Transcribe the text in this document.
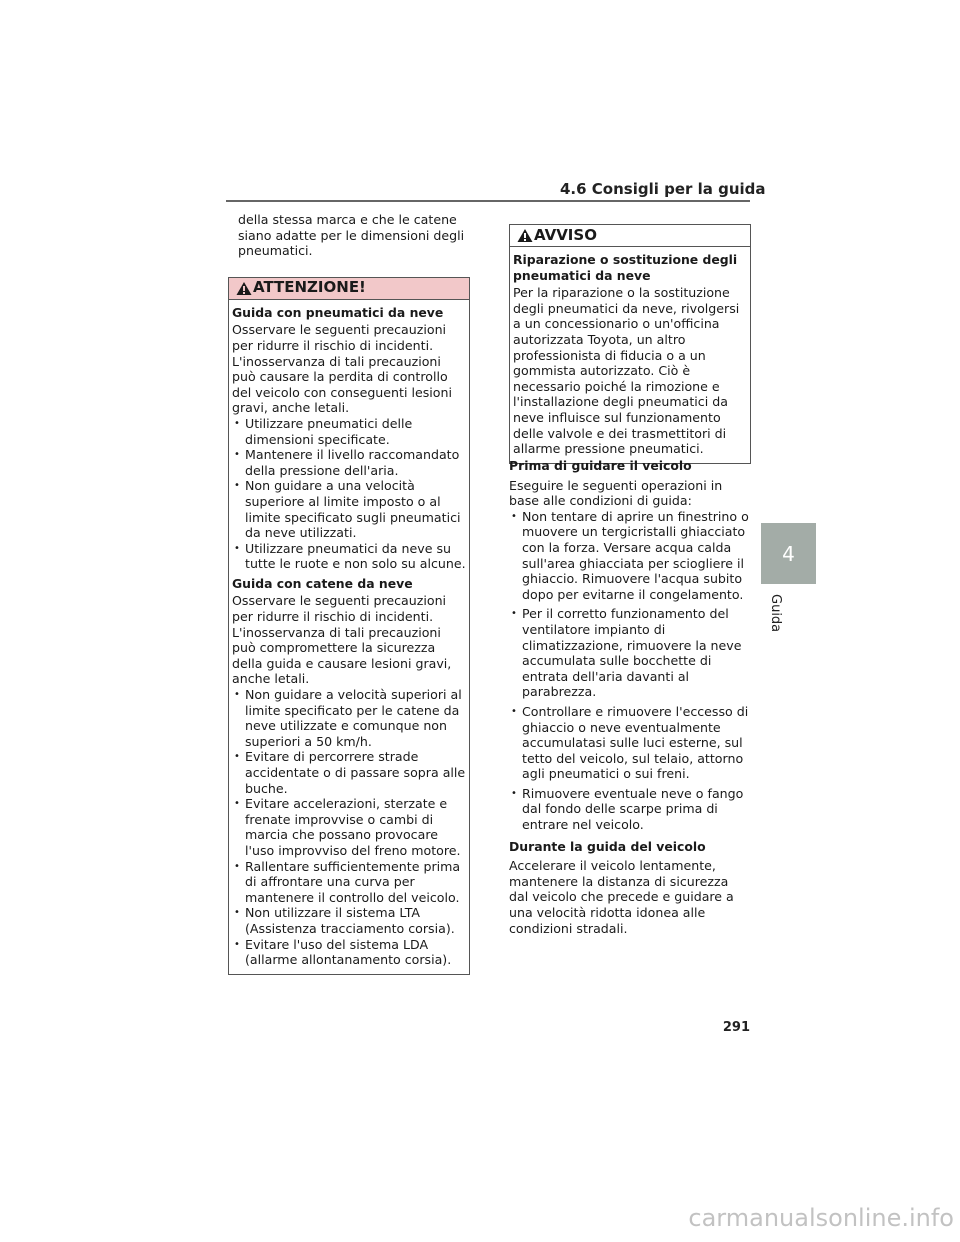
4.6 Consigli per la guida

della stessa marca e che le catene siano adatte per le dimensioni degli pneumatici.

ATTENZIONE!

Guida con pneumatici da neve

Osservare le seguenti precauzioni per ridurre il rischio di incidenti. L'inosservanza di tali precauzioni può causare la perdita di controllo del veicolo con conseguenti lesioni gravi, anche letali.

• Utilizzare pneumatici delle dimensioni specificate.
• Mantenere il livello raccomandato della pressione dell'aria.
• Non guidare a una velocità superiore al limite imposto o al limite specificato sugli pneumatici da neve utilizzati.
• Utilizzare pneumatici da neve su tutte le ruote e non solo su alcune.

Guida con catene da neve

Osservare le seguenti precauzioni per ridurre il rischio di incidenti. L'inosservanza di tali precauzioni può compromettere la sicurezza della guida e causare lesioni gravi, anche letali.

• Non guidare a velocità superiori al limite specificato per le catene da neve utilizzate e comunque non superiori a 50 km/h.
• Evitare di percorrere strade accidentate o di passare sopra alle buche.
• Evitare accelerazioni, sterzate e frenate improvvise o cambi di marcia che possano provocare l'uso improvviso del freno motore.
• Rallentare sufficientemente prima di affrontare una curva per mantenere il controllo del veicolo.
• Non utilizzare il sistema LTA (Assistenza tracciamento corsia).
• Evitare l'uso del sistema LDA (allarme allontanamento corsia).
AVVISO

Riparazione o sostituzione degli pneumatici da neve

Per la riparazione o la sostituzione degli pneumatici da neve, rivolgersi a un concessionario o un'officina autorizzata Toyota, un altro professionista di fiducia o a un gommista autorizzato. Ciò è necessario poiché la rimozione e l'installazione degli pneumatici da neve influisce sul funzionamento delle valvole e dei trasmettitori di allarme pressione pneumatici.

Prima di guidare il veicolo

Eseguire le seguenti operazioni in base alle condizioni di guida:

• Non tentare di aprire un finestrino o muovere un tergicristalli ghiacciato con la forza. Versare acqua calda sull'area ghiacciata per sciogliere il ghiaccio. Rimuovere l'acqua subito dopo per evitarne il congelamento.
• Per il corretto funzionamento del ventilatore impianto di climatizzazione, rimuovere la neve accumulata sulle bocchette di entrata dell'aria davanti al parabrezza.
• Controllare e rimuovere l'eccesso di ghiaccio o neve eventualmente accumulatasi sulle luci esterne, sul tetto del veicolo, sul telaio, attorno agli pneumatici o sui freni.
• Rimuovere eventuale neve o fango dal fondo delle scarpe prima di entrare nel veicolo.

Durante la guida del veicolo

Accelerare il veicolo lentamente, mantenere la distanza di sicurezza dal veicolo che precede e guidare a una velocità ridotta idonea alle condizioni stradali.

4
Guida
291
carmanualsonline.info
